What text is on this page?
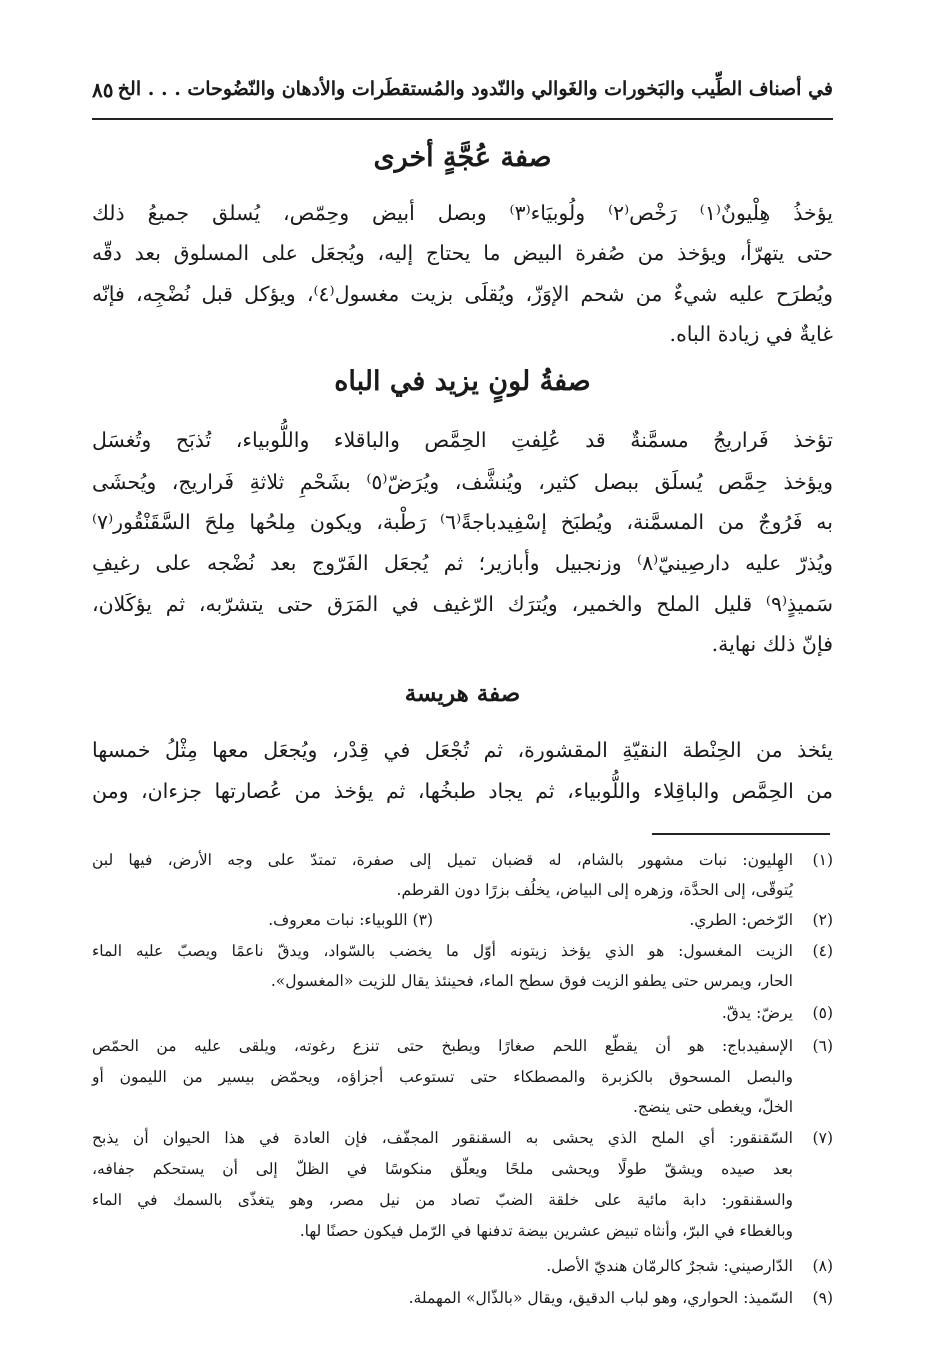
في أصناف الطِّيب والبَخورات والغَوالي والنّدود والمُستقطَرات والأدهان والنّضُوحات . . . الخ
٨٥
صفة عُجَّةٍ أخرى
يؤخذُ هِلْيونٌ⁽١⁾ رَخْص⁽٢⁾ ولُوبيَاء⁽٣⁾ وبصل أبيض وحِمّص، يُسلق جميعُ ذلك
حتى يتهرّأ، ويؤخذ من صُفرة البيض ما يحتاج إليه، ويُجعَل على المسلوق بعد دقّه
ويُطرَح عليه شيءٌ من شحم الإوَزّ، ويُقلَى بزيت مغسول⁽٤⁾، ويؤكل قبل نُضْجِه، فإنّه
غايةٌ في زيادة الباه.
صفةُ لونٍ يزيد في الباه
تؤخذ فَراريجُ مسمَّنةٌ قد عُلِفتِ الحِمَّص والباقلاء واللُّوبياء، تُذبَح وتُغسَل
ويؤخذ حِمَّص يُسلَق ببصل كثير، ويُنشَّف، ويُرَضّ⁽٥⁾ بشَحْمِ ثلاثةِ فَراريج، ويُحشَى
به فَرُوجٌ من المسمَّنة، ويُطبَخ إسْفِيدباجةً⁽٦⁾ رَطْبة، ويكون مِلحُها مِلحَ السَّقَنْقُور⁽٧⁾
ويُذرّ عليه دارصِينيّ⁽٨⁾ وزنجبيل وأبازير؛ ثم يُجعَل الفَرّوج بعد نُضْجه على رغيفِ
سَميذٍ⁽٩⁾ قليل الملح والخمير، ويُترَك الرّغيف في المَرَق حتى يتشرّبه، ثم يؤكَلان،
فإنّ ذلك نهاية.
صفة هريسة
يئخذ من الحِنْطة النقيّةِ المقشورة، ثم تُجْعَل في قِدْر، ويُجعَل معها مِثْلُ خمسها
من الحِمَّص والباقِلاء واللُّوبياء، ثم يجاد طبخُها، ثم يؤخذ من عُصارتها جزءان، ومن
(١)
الهِليون: نبات مشهور بالشام، له قضبان تميل إلى صفرة، تمتدّ على وجه الأرض، فيها لبن
يُتوقّى، إلى الحدَّة، وزهره إلى البياض، يخلُف بزرًا دون القرطم.
(٢)
الرّخص: الطري.
(٣) اللوبياء: نبات معروف.
(٤)
الزيت المغسول: هو الذي يؤخذ زيتونه أوّل ما يخضب بالسّواد، ويدقّ ناعمًا ويصبّ عليه الماء
الحار، ويمرس حتى يطفو الزيت فوق سطح الماء، فحينئذ يقال للزيت «المغسول».
(٥)
يرضّ: يدقّ.
(٦)
الإسفيدباج: هو أن يقطّع اللحم صغارًا ويطبخ حتى تنزع رغوته، ويلقى عليه من الحمّص
والبصل المسحوق بالكزبرة والمصطكاء حتى تستوعب أجزاؤه، ويحمّض بيسير من الليمون أو
الخلّ، ويغطى حتى ينضج.
(٧)
السّقنقور: أي الملح الذي يحشى به السقنقور المجفّف، فإن العادة في هذا الحيوان أن يذبح
بعد صيده ويشقّ طولًا ويحشى ملحًا ويعلّق منكوسًا في الظلّ إلى أن يستحكم جفافه،
والسقنقور: دابة مائية على خلقة الضبّ تصاد من نيل مصر، وهو يتغذّى بالسمك في الماء
وبالغطاء في البرّ، وأنثاه تبيض عشرين بيضة تدفنها في الرّمل فيكون حصنًا لها.
(٨)
الدّارصيني: شجرٌ كالرمّان هنديّ الأصل.
(٩)
السّميذ: الحواري، وهو لباب الدقيق، ويقال «بالذّال» المهملة.
